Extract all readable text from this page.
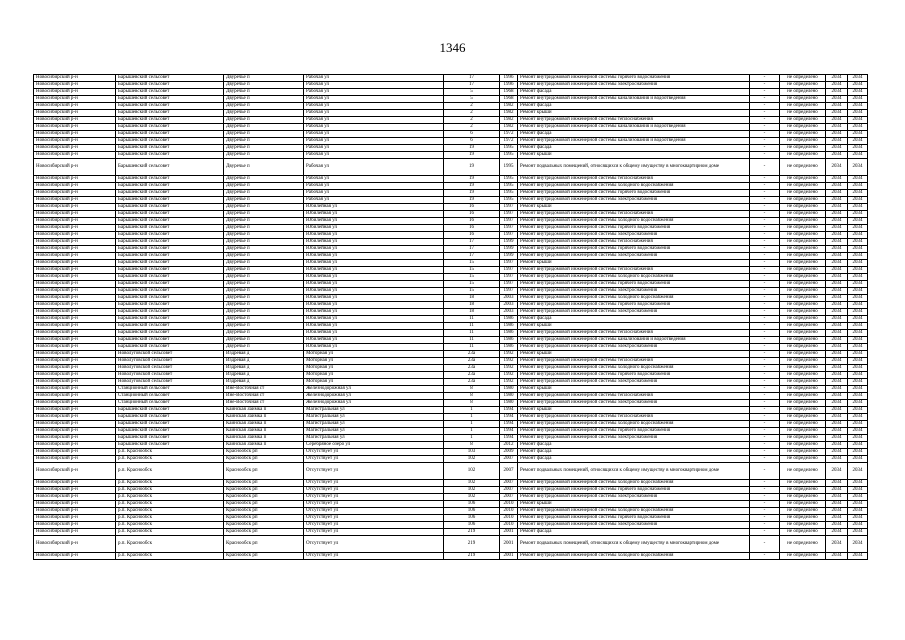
1346
Новосибирский р-н	Барышевский сельсовет	Двуречье п	Рабочая ул	17	1996	Ремонт внутридомовой инженерной системы горячего водоснабжения	-	не определено	2034	2034
Новосибирский р-н	Барышевский сельсовет	Двуречье п	Рабочая ул	17	1996	Ремонт внутридомовой инженерной системы электроснабжения	-	не определено	2034	2034
Новосибирский р-н	Барышевский сельсовет	Двуречье п	Рабочая ул	5	1968	Ремонт фасада	-	не определено	2034	2034
Новосибирский р-н	Барышевский сельсовет	Двуречье п	Рабочая ул	5	1968	Ремонт внутридомовой инженерной системы канализования и водоотведения	-	не определено	2034	2034
Новосибирский р-н	Барышевский сельсовет	Двуречье п	Рабочая ул	2	1982	Ремонт фасада	-	не определено	2034	2034
Новосибирский р-н	Барышевский сельсовет	Двуречье п	Рабочая ул	2	1982	Ремонт крыши	-	не определено	2034	2034
Новосибирский р-н	Барышевский сельсовет	Двуречье п	Рабочая ул	2	1982	Ремонт внутридомовой инженерной системы теплоснабжения	-	не определено	2034	2034
Новосибирский р-н	Барышевский сельсовет	Двуречье п	Рабочая ул	2	1982	Ремонт внутридомовой инженерной системы канализования и водоотведения	-	не определено	2034	2034
Новосибирский р-н	Барышевский сельсовет	Двуречье п	Рабочая ул	6	1972	Ремонт фасада	-	не определено	2034	2034
Новосибирский р-н	Барышевский сельсовет	Двуречье п	Рабочая ул	6	1972	Ремонт внутридомовой инженерной системы канализования и водоотведения	-	не определено	2034	2034
Новосибирский р-н	Барышевский сельсовет	Двуречье п	Рабочая ул	19	1995	Ремонт фасада	-	не определено	2034	2034
Новосибирский р-н	Барышевский сельсовет	Двуречье п	Рабочая ул	19	1995	Ремонт крыши	-	не определено	2034	2034
Новосибирский р-н	Барышевский сельсовет	Двуречье п	Рабочая ул	19	1995	Ремонт подвальных помещений, относящихся к общему имуществу в многоквартирном доме	-	не определено	2034	2034
Новосибирский р-н	Барышевский сельсовет	Двуречье п	Рабочая ул	19	1995	Ремонт внутридомовой инженерной системы теплоснабжения	-	не определено	2034	2034
Новосибирский р-н	Барышевский сельсовет	Двуречье п	Рабочая ул	19	1995	Ремонт внутридомовой инженерной системы холодного водоснабжения	-	не определено	2034	2034
Новосибирский р-н	Барышевский сельсовет	Двуречье п	Рабочая ул	19	1995	Ремонт внутридомовой инженерной системы горячего водоснабжения	-	не определено	2034	2034
Новосибирский р-н	Барышевский сельсовет	Двуречье п	Рабочая ул	19	1995	Ремонт внутридомовой инженерной системы электроснабжения	-	не определено	2034	2034
Новосибирский р-н	Барышевский сельсовет	Двуречье п	Юбилейная ул	16	1997	Ремонт крыши	-	не определено	2034	2034
Новосибирский р-н	Барышевский сельсовет	Двуречье п	Юбилейная ул	16	1997	Ремонт внутридомовой инженерной системы теплоснабжения	-	не определено	2034	2034
Новосибирский р-н	Барышевский сельсовет	Двуречье п	Юбилейная ул	16	1997	Ремонт внутридомовой инженерной системы холодного водоснабжения	-	не определено	2034	2034
Новосибирский р-н	Барышевский сельсовет	Двуречье п	Юбилейная ул	16	1997	Ремонт внутридомовой инженерной системы горячего водоснабжения	-	не определено	2034	2034
Новосибирский р-н	Барышевский сельсовет	Двуречье п	Юбилейная ул	16	1997	Ремонт внутридомовой инженерной системы электроснабжения	-	не определено	2034	2034
Новосибирский р-н	Барышевский сельсовет	Двуречье п	Юбилейная ул	17	1999	Ремонт внутридомовой инженерной системы теплоснабжения	-	не определено	2034	2034
Новосибирский р-н	Барышевский сельсовет	Двуречье п	Юбилейная ул	17	1999	Ремонт внутридомовой инженерной системы горячего водоснабжения	-	не определено	2034	2034
Новосибирский р-н	Барышевский сельсовет	Двуречье п	Юбилейная ул	17	1999	Ремонт внутридомовой инженерной системы электроснабжения	-	не определено	2034	2034
Новосибирский р-н	Барышевский сельсовет	Двуречье п	Юбилейная ул	15	1997	Ремонт крыши	-	не определено	2034	2034
Новосибирский р-н	Барышевский сельсовет	Двуречье п	Юбилейная ул	15	1997	Ремонт внутридомовой инженерной системы теплоснабжения	-	не определено	2034	2034
Новосибирский р-н	Барышевский сельсовет	Двуречье п	Юбилейная ул	15	1997	Ремонт внутридомовой инженерной системы холодного водоснабжения	-	не определено	2034	2034
Новосибирский р-н	Барышевский сельсовет	Двуречье п	Юбилейная ул	15	1997	Ремонт внутридомовой инженерной системы горячего водоснабжения	-	не определено	2034	2034
Новосибирский р-н	Барышевский сельсовет	Двуречье п	Юбилейная ул	15	1997	Ремонт внутридомовой инженерной системы электроснабжения	-	не определено	2034	2034
Новосибирский р-н	Барышевский сельсовет	Двуречье п	Юбилейная ул	18	2003	Ремонт внутридомовой инженерной системы холодного водоснабжения	-	не определено	2034	2034
Новосибирский р-н	Барышевский сельсовет	Двуречье п	Юбилейная ул	18	2003	Ремонт внутридомовой инженерной системы горячего водоснабжения	-	не определено	2034	2034
Новосибирский р-н	Барышевский сельсовет	Двуречье п	Юбилейная ул	18	2003	Ремонт внутридомовой инженерной системы электроснабжения	-	не определено	2034	2034
Новосибирский р-н	Барышевский сельсовет	Двуречье п	Юбилейная ул	11	1986	Ремонт фасада	-	не определено	2034	2034
Новосибирский р-н	Барышевский сельсовет	Двуречье п	Юбилейная ул	11	1986	Ремонт крыши	-	не определено	2034	2034
Новосибирский р-н	Барышевский сельсовет	Двуречье п	Юбилейная ул	11	1986	Ремонт внутридомовой инженерной системы теплоснабжения	-	не определено	2034	2034
Новосибирский р-н	Барышевский сельсовет	Двуречье п	Юбилейная ул	11	1986	Ремонт внутридомовой инженерной системы канализования и водоотведения	-	не определено	2034	2034
Новосибирский р-н	Барышевский сельсовет	Двуречье п	Юбилейная ул	11	1986	Ремонт внутридомовой инженерной системы электроснабжения	-	не определено	2034	2034
Новосибирский р-н	Новолуговской сельсовет	Издревая д	Моторная ул	23а	1992	Ремонт крыши	-	не определено	2034	2034
Новосибирский р-н	Новолуговской сельсовет	Издревая д	Моторная ул	23а	1992	Ремонт внутридомовой инженерной системы теплоснабжения	-	не определено	2034	2034
Новосибирский р-н	Новолуговской сельсовет	Издревая д	Моторная ул	23а	1992	Ремонт внутридомовой инженерной системы холодного водоснабжения	-	не определено	2034	2034
Новосибирский р-н	Новолуговской сельсовет	Издревая д	Моторная ул	23а	1992	Ремонт внутридомовой инженерной системы горячего водоснабжения	-	не определено	2034	2034
Новосибирский р-н	Новолуговской сельсовет	Издревая д	Моторная ул	23а	1992	Ремонт внутридомовой инженерной системы электроснабжения	-	не определено	2034	2034
Новосибирский р-н	Станционный сельсовет	Ине-Восточная ст	Железнодорожная ул	8	1980	Ремонт крыши	-	не определено	2034	2034
Новосибирский р-н	Станционный сельсовет	Ине-Восточная ст	Железнодорожная ул	8	1980	Ремонт внутридомовой инженерной системы теплоснабжения	-	не определено	2034	2034
Новосибирский р-н	Станционный сельсовет	Ине-Восточная ст	Железнодорожная ул	8	1980	Ремонт внутридомовой инженерной системы электроснабжения	-	не определено	2034	2034
Новосибирский р-н	Барышевский сельсовет	Каинская Заимка п	Магистральная ул	1	1994	Ремонт крыши	-	не определено	2034	2034
Новосибирский р-н	Барышевский сельсовет	Каинская Заимка п	Магистральная ул	1	1994	Ремонт внутридомовой инженерной системы теплоснабжения	-	не определено	2034	2034
Новосибирский р-н	Барышевский сельсовет	Каинская Заимка п	Магистральная ул	1	1994	Ремонт внутридомовой инженерной системы холодного водоснабжения	-	не определено	2034	2034
Новосибирский р-н	Барышевский сельсовет	Каинская Заимка п	Магистральная ул	1	1994	Ремонт внутридомовой инженерной системы горячего водоснабжения	-	не определено	2034	2034
Новосибирский р-н	Барышевский сельсовет	Каинская Заимка п	Магистральная ул	1	1994	Ремонт внутридомовой инженерной системы электроснабжения	-	не определено	2034	2034
Новосибирский р-н	Барышевский сельсовет	Каинская Заимка п	Серебряное озеро ул	8	2012	Ремонт фасада	-	не определено	2034	2034
Новосибирский р-н	р.п. Краснообск	Краснообск рп	Отсутствует ул	103	2009	Ремонт фасада	-	не определено	2034	2034
Новосибирский р-н	р.п. Краснообск	Краснообск рп	Отсутствует ул	102	2007	Ремонт фасада	-	не определено	2034	2034
Новосибирский р-н	р.п. Краснообск	Краснообск рп	Отсутствует ул	102	2007	Ремонт подвальных помещений, относящихся к общему имуществу в многоквартирном доме	-	не определено	2034	2034
Новосибирский р-н	р.п. Краснообск	Краснообск рп	Отсутствует ул	102	2007	Ремонт внутридомовой инженерной системы холодного водоснабжения	-	не определено	2034	2034
Новосибирский р-н	р.п. Краснообск	Краснообск рп	Отсутствует ул	102	2007	Ремонт внутридомовой инженерной системы горячего водоснабжения	-	не определено	2034	2034
Новосибирский р-н	р.п. Краснообск	Краснообск рп	Отсутствует ул	102	2007	Ремонт внутридомовой инженерной системы электроснабжения	-	не определено	2034	2034
Новосибирский р-н	р.п. Краснообск	Краснообск рп	Отсутствует ул	106	2010	Ремонт крыши	-	не определено	2034	2034
Новосибирский р-н	р.п. Краснообск	Краснообск рп	Отсутствует ул	106	2010	Ремонт внутридомовой инженерной системы холодного водоснабжения	-	не определено	2034	2034
Новосибирский р-н	р.п. Краснообск	Краснообск рп	Отсутствует ул	106	2010	Ремонт внутридомовой инженерной системы горячего водоснабжения	-	не определено	2034	2034
Новосибирский р-н	р.п. Краснообск	Краснообск рп	Отсутствует ул	106	2010	Ремонт внутридомовой инженерной системы электроснабжения	-	не определено	2034	2034
Новосибирский р-н	р.п. Краснообск	Краснообск рп	Отсутствует ул	219	2001	Ремонт фасада	-	не определено	2034	2034
Новосибирский р-н	р.п. Краснообск	Краснообск рп	Отсутствует ул	219	2001	Ремонт подвальных помещений, относящихся к общему имуществу в многоквартирном доме	-	не определено	2034	2034
Новосибирский р-н	р.п. Краснообск	Краснообск рп	Отсутствует ул	219	2001	Ремонт внутридомовой инженерной системы холодного водоснабжения	-	не определено	2034	2034
